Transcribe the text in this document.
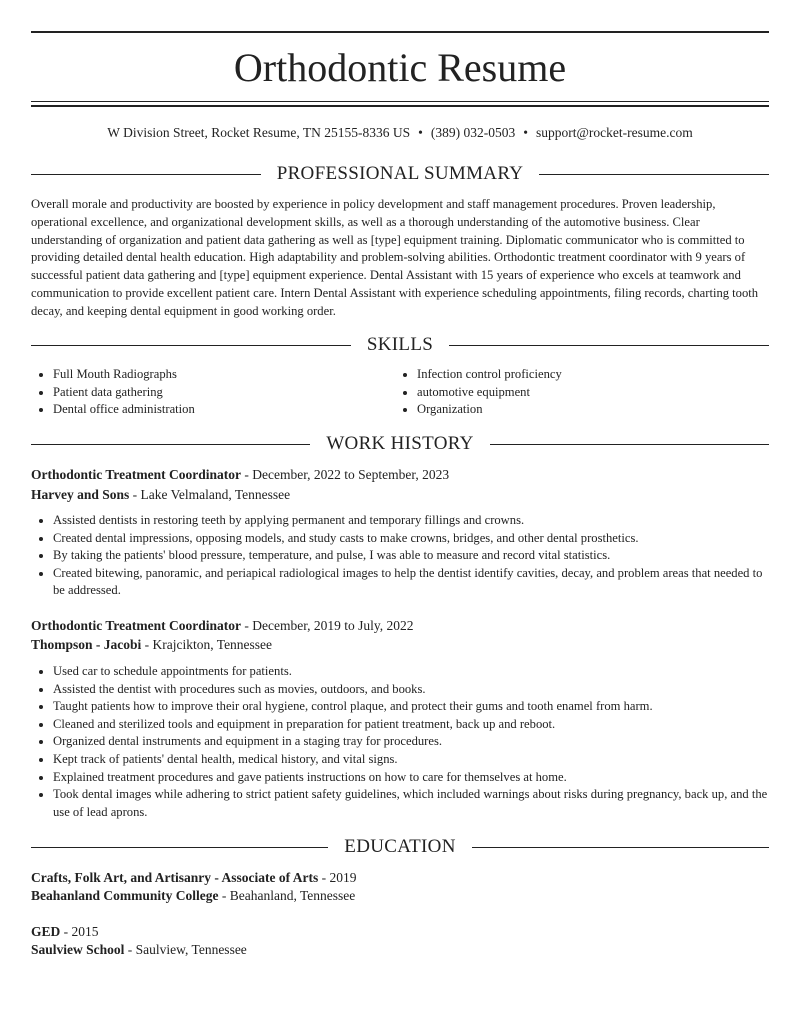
Orthodontic Resume
W Division Street, Rocket Resume, TN 25155-8336 US • (389) 032-0503 • support@rocket-resume.com
PROFESSIONAL SUMMARY

Overall morale and productivity are boosted by experience in policy development and staff management procedures. Proven leadership, operational excellence, and organizational development skills, as well as a thorough understanding of the automotive business. Clear understanding of organization and patient data gathering as well as [type] equipment training. Diplomatic communicator who is committed to providing detailed dental health education. High adaptability and problem-solving abilities. Orthodontic treatment coordinator with 9 years of successful patient data gathering and [type] equipment experience. Dental Assistant with 15 years of experience who excels at teamwork and communication to provide excellent patient care. Intern Dental Assistant with experience scheduling appointments, filing records, charting tooth decay, and keeping dental equipment in good working order.

SKILLS
• Full Mouth Radiographs
• Patient data gathering
• Dental office administration
• Infection control proficiency
• automotive equipment
• Organization
WORK HISTORY
Orthodontic Treatment Coordinator - December, 2022 to September, 2023
Harvey and Sons - Lake Velmaland, Tennessee
• Assisted dentists in restoring teeth by applying permanent and temporary fillings and crowns.
• Created dental impressions, opposing models, and study casts to make crowns, bridges, and other dental prosthetics.
• By taking the patients' blood pressure, temperature, and pulse, I was able to measure and record vital statistics.
• Created bitewing, panoramic, and periapical radiological images to help the dentist identify cavities, decay, and problem areas that needed to be addressed.
Orthodontic Treatment Coordinator - December, 2019 to July, 2022
Thompson - Jacobi - Krajcikton, Tennessee
• Used car to schedule appointments for patients.
• Assisted the dentist with procedures such as movies, outdoors, and books.
• Taught patients how to improve their oral hygiene, control plaque, and protect their gums and tooth enamel from harm.
• Cleaned and sterilized tools and equipment in preparation for patient treatment, back up and reboot.
• Organized dental instruments and equipment in a staging tray for procedures.
• Kept track of patients' dental health, medical history, and vital signs.
• Explained treatment procedures and gave patients instructions on how to care for themselves at home.
• Took dental images while adhering to strict patient safety guidelines, which included warnings about risks during pregnancy, back up, and the use of lead aprons.
EDUCATION
Crafts, Folk Art, and Artisanry - Associate of Arts - 2019
Beahanland Community College - Beahanland, Tennessee
GED - 2015
Saulview School - Saulview, Tennessee
